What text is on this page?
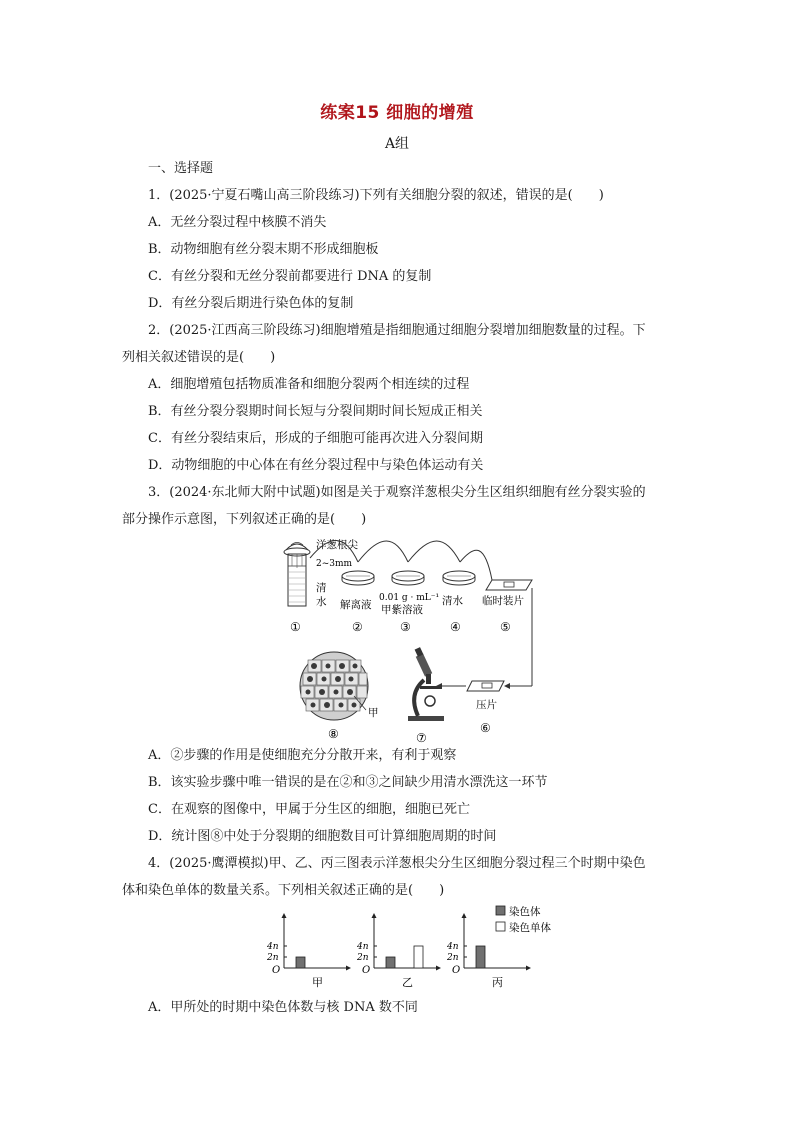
练案15 细胞的增殖
A组
一、选择题
1．(2025·宁夏石嘴山高三阶段练习)下列有关细胞分裂的叙述，错误的是(　　)
A．无丝分裂过程中核膜不消失
B．动物细胞有丝分裂末期不形成细胞板
C．有丝分裂和无丝分裂前都要进行 DNA 的复制
D．有丝分裂后期进行染色体的复制
2．(2025·江西高三阶段练习)细胞增殖是指细胞通过细胞分裂增加细胞数量的过程。下
列相关叙述错误的是(　　)
A．细胞增殖包括物质准备和细胞分裂两个相连续的过程
B．有丝分裂分裂期时间长短与分裂间期时间长短成正相关
C．有丝分裂结束后，形成的子细胞可能再次进入分裂间期
D．动物细胞的中心体在有丝分裂过程中与染色体运动有关
3．(2024·东北师大附中试题)如图是关于观察洋葱根尖分生区组织细胞有丝分裂实验的
部分操作示意图，下列叙述正确的是(　　)
洋葱根尖
2~3mm
清
水 解离液
0.01 g · mL⁻¹
甲紫溶液
清水 临时装片
①	②	③	④	⑤
压片
⑥
⑦
甲
⑧
A．②步骤的作用是使细胞充分分散开来，有利于观察
B．该实验步骤中唯一错误的是在②和③之间缺少用清水漂洗这一环节
C．在观察的图像中，甲属于分生区的细胞，细胞已死亡
D．统计图⑧中处于分裂期的细胞数目可计算细胞周期的时间
4．(2025·鹰潭模拟)甲、乙、丙三图表示洋葱根尖分生区细胞分裂过程三个时期中染色
体和染色单体的数量关系。下列相关叙述正确的是(　　)
O
2n
4n
甲
O
2n
4n
乙
O
2n
4n
丙
染色体
染色单体
A．甲所处的时期中染色体数与核 DNA 数不同
